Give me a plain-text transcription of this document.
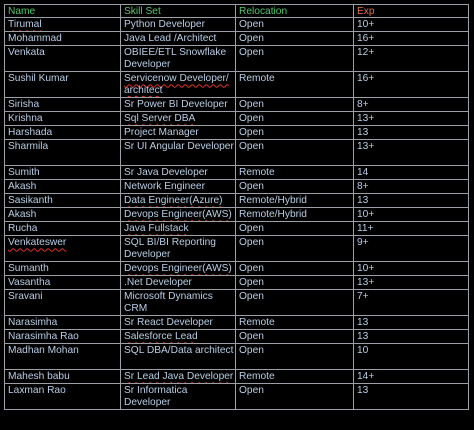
Name	Skill Set	Relocation	Exp
Tirumal	Python Developer	Open	10+
Mohammad	Java Lead /Architect	Open	16+
Venkata	OBIEE/ETL Snowflake Developer	Open	12+
Sushil Kumar	Servicenow Developer/ architect	Remote	16+
Sirisha	Sr Power BI Developer	Open	8+
Krishna	Sql Server DBA	Open	13+
Harshada	Project Manager	Open	13
Sharmila	Sr UI Angular Developer	Open	13+
Sumith	Sr Java Developer	Remote	14
Akash	Network Engineer	Open	8+
Sasikanth	Data Engineer(Azure)	Remote/Hybrid	13
Akash	Devops Engineer(AWS)	Remote/Hybrid	10+
Rucha	Java Fullstack	Open	11+
Venkateswer	SQL BI/BI Reporting Developer	Open	9+
Sumanth	Devops Engineer(AWS)	Open	10+
Vasantha	.Net Developer	Open	13+
Sravani	Microsoft Dynamics CRM	Open	7+
Narasimha	Sr React Developer	Remote	13
Narasimha Rao	Salesforce Lead	Open	13
Madhan Mohan	SQL DBA/Data architect	Open	10
Mahesh babu	Sr Lead Java Developer	Remote	14+
Laxman Rao	Sr Informatica Developer	Open	13
